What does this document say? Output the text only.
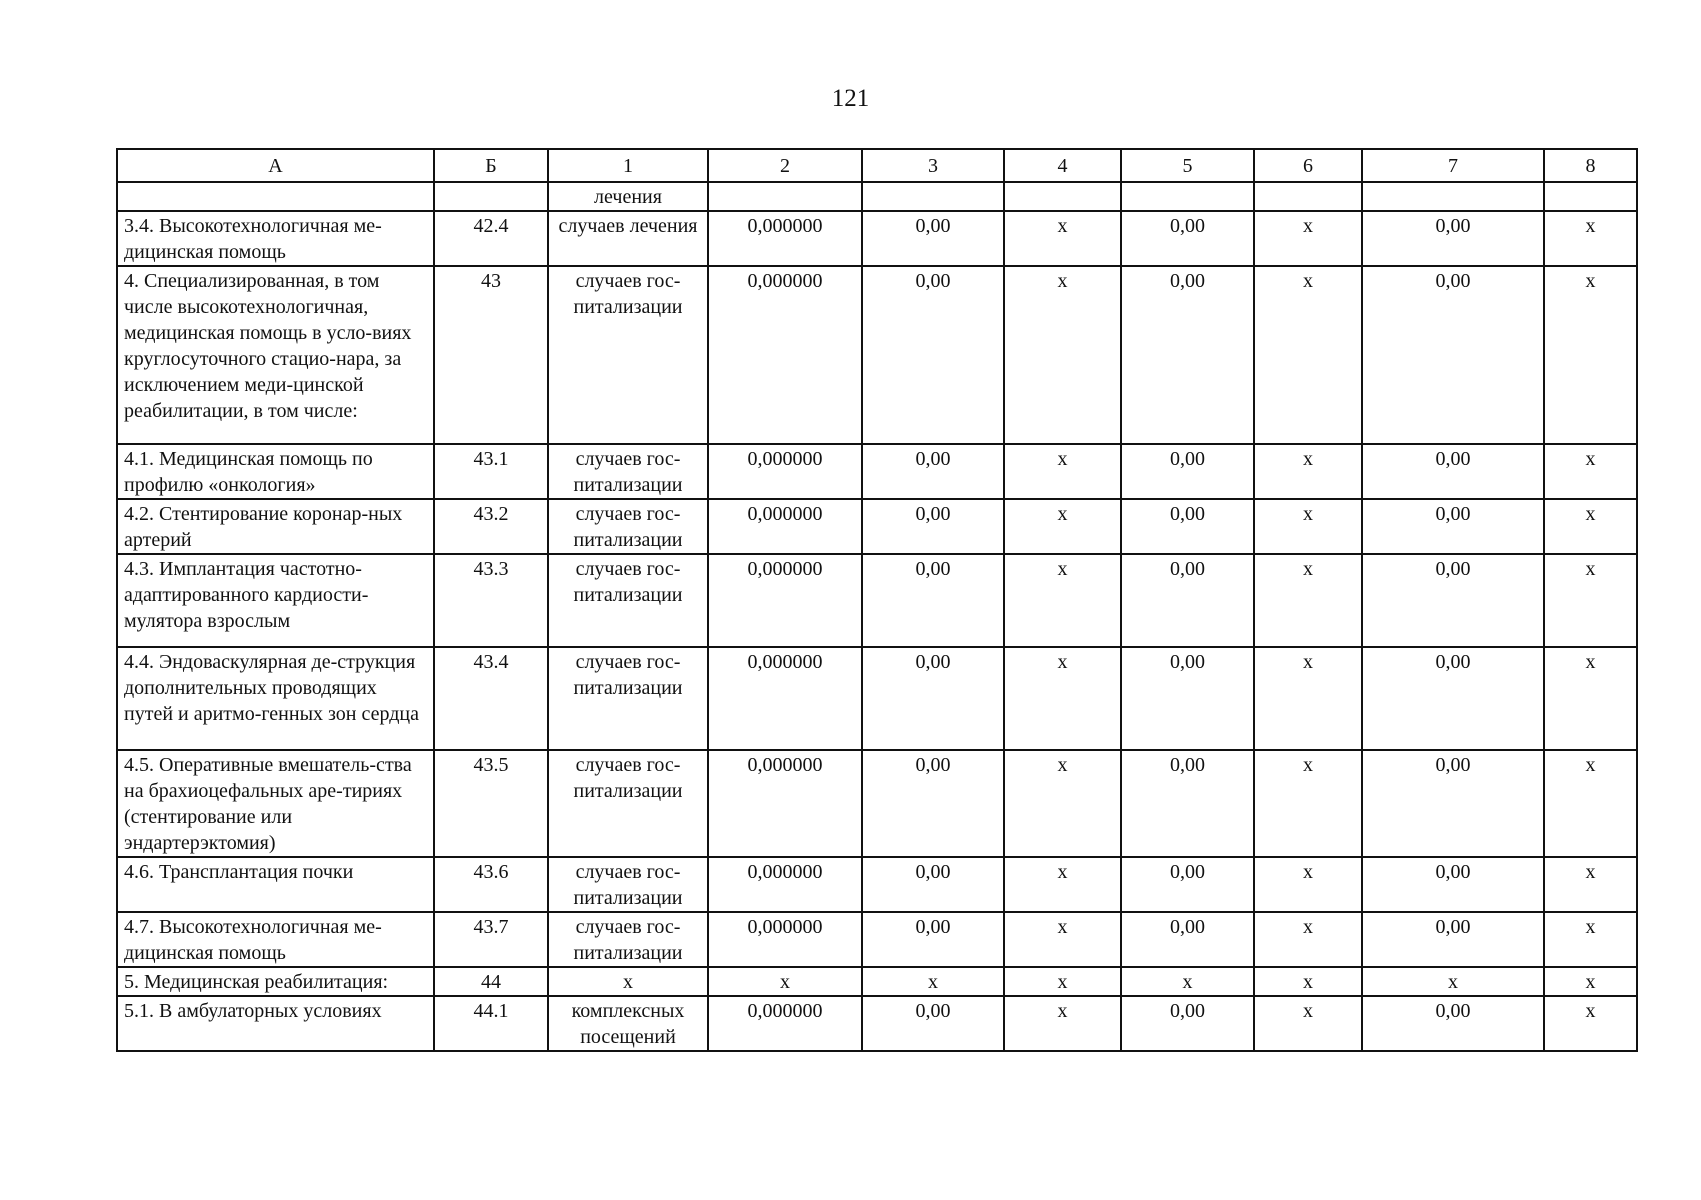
121
А	Б	1	2	3	4	5	6	7	8
		лечения							
3.4. Высокотехнологичная ме-дицинская помощь	42.4	случаев лечения	0,000000	0,00	х	0,00	х	0,00	х
4. Специализированная, в том числе высокотехнологичная, медицинская помощь в усло-виях круглосуточного стацио-нара, за исключением меди-цинской реабилитации, в том числе:	43	случаев гос-питализации	0,000000	0,00	х	0,00	х	0,00	х
4.1. Медицинская помощь по профилю «онкология»	43.1	случаев гос-питализации	0,000000	0,00	х	0,00	х	0,00	х
4.2. Стентирование коронар-ных артерий	43.2	случаев гос-питализации	0,000000	0,00	х	0,00	х	0,00	х
4.3. Имплантация частотно-адаптированного кардиости-мулятора взрослым	43.3	случаев гос-питализации	0,000000	0,00	х	0,00	х	0,00	х
4.4. Эндоваскулярная де-струкция дополнительных проводящих путей и аритмо-генных зон сердца	43.4	случаев гос-питализации	0,000000	0,00	х	0,00	х	0,00	х
4.5. Оперативные вмешатель-ства на брахиоцефальных аре-тириях (стентирование или эндартерэктомия)	43.5	случаев гос-питализации	0,000000	0,00	х	0,00	х	0,00	х
4.6. Трансплантация почки	43.6	случаев гос-питализации	0,000000	0,00	х	0,00	х	0,00	х
4.7. Высокотехнологичная ме-дицинская помощь	43.7	случаев гос-питализации	0,000000	0,00	х	0,00	х	0,00	х
5. Медицинская реабилитация:	44	х	х	х	х	х	х	х	х
5.1. В амбулаторных условиях	44.1	комплексных посещений	0,000000	0,00	х	0,00	х	0,00	х
